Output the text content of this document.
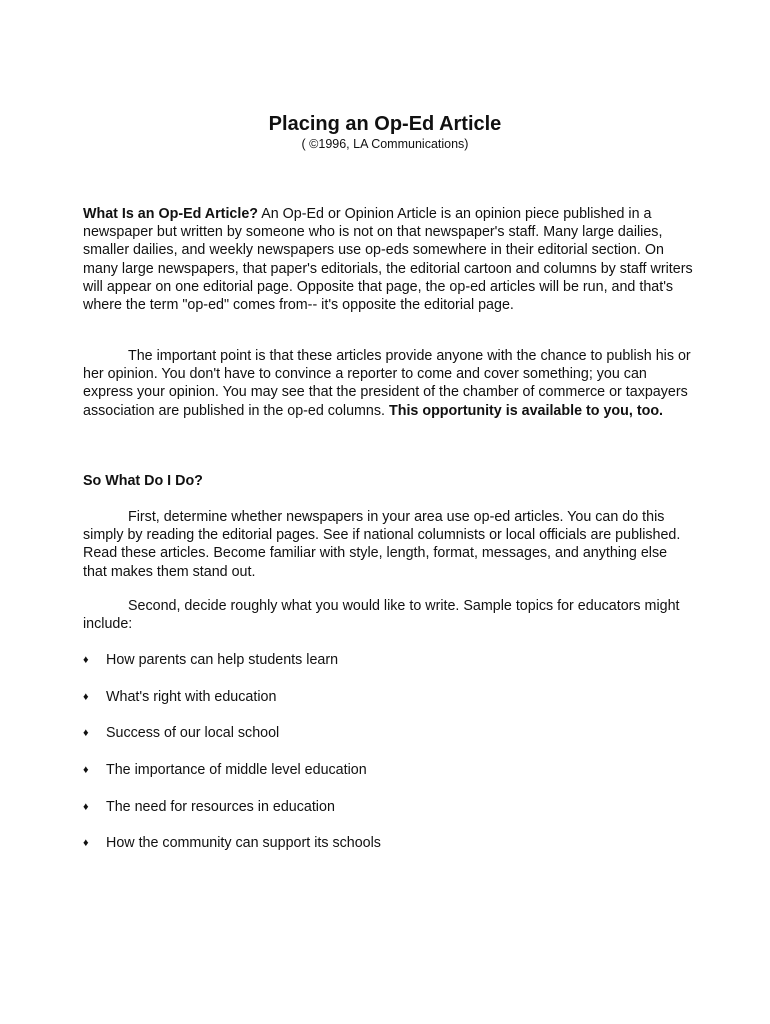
Placing an Op-Ed Article

( ©1996, LA Communications)

What Is an Op-Ed Article? An Op-Ed or Opinion Article is an opinion piece published in a newspaper but written by someone who is not on that newspaper's staff. Many large dailies, smaller dailies, and weekly newspapers use op-eds somewhere in their editorial section. On many large newspapers, that paper's editorials, the editorial cartoon and columns by staff writers will appear on one editorial page. Opposite that page, the op-ed articles will be run, and that's where the term "op-ed" comes from-- it's opposite the editorial page.

The important point is that these articles provide anyone with the chance to publish his or her opinion. You don't have to convince a reporter to come and cover something; you can express your opinion. You may see that the president of the chamber of commerce or taxpayers association are published in the op-ed columns. This opportunity is available to you, too.

So What Do I Do?

First, determine whether newspapers in your area use op-ed articles. You can do this simply by reading the editorial pages. See if national columnists or local officials are published. Read these articles. Become familiar with style, length, format, messages, and anything else that makes them stand out.

Second, decide roughly what you would like to write. Sample topics for educators might include:

♦	How parents can help students learn
♦	What's right with education
♦	Success of our local school
♦	The importance of middle level education
♦	The need for resources in education
♦	How the community can support its schools
